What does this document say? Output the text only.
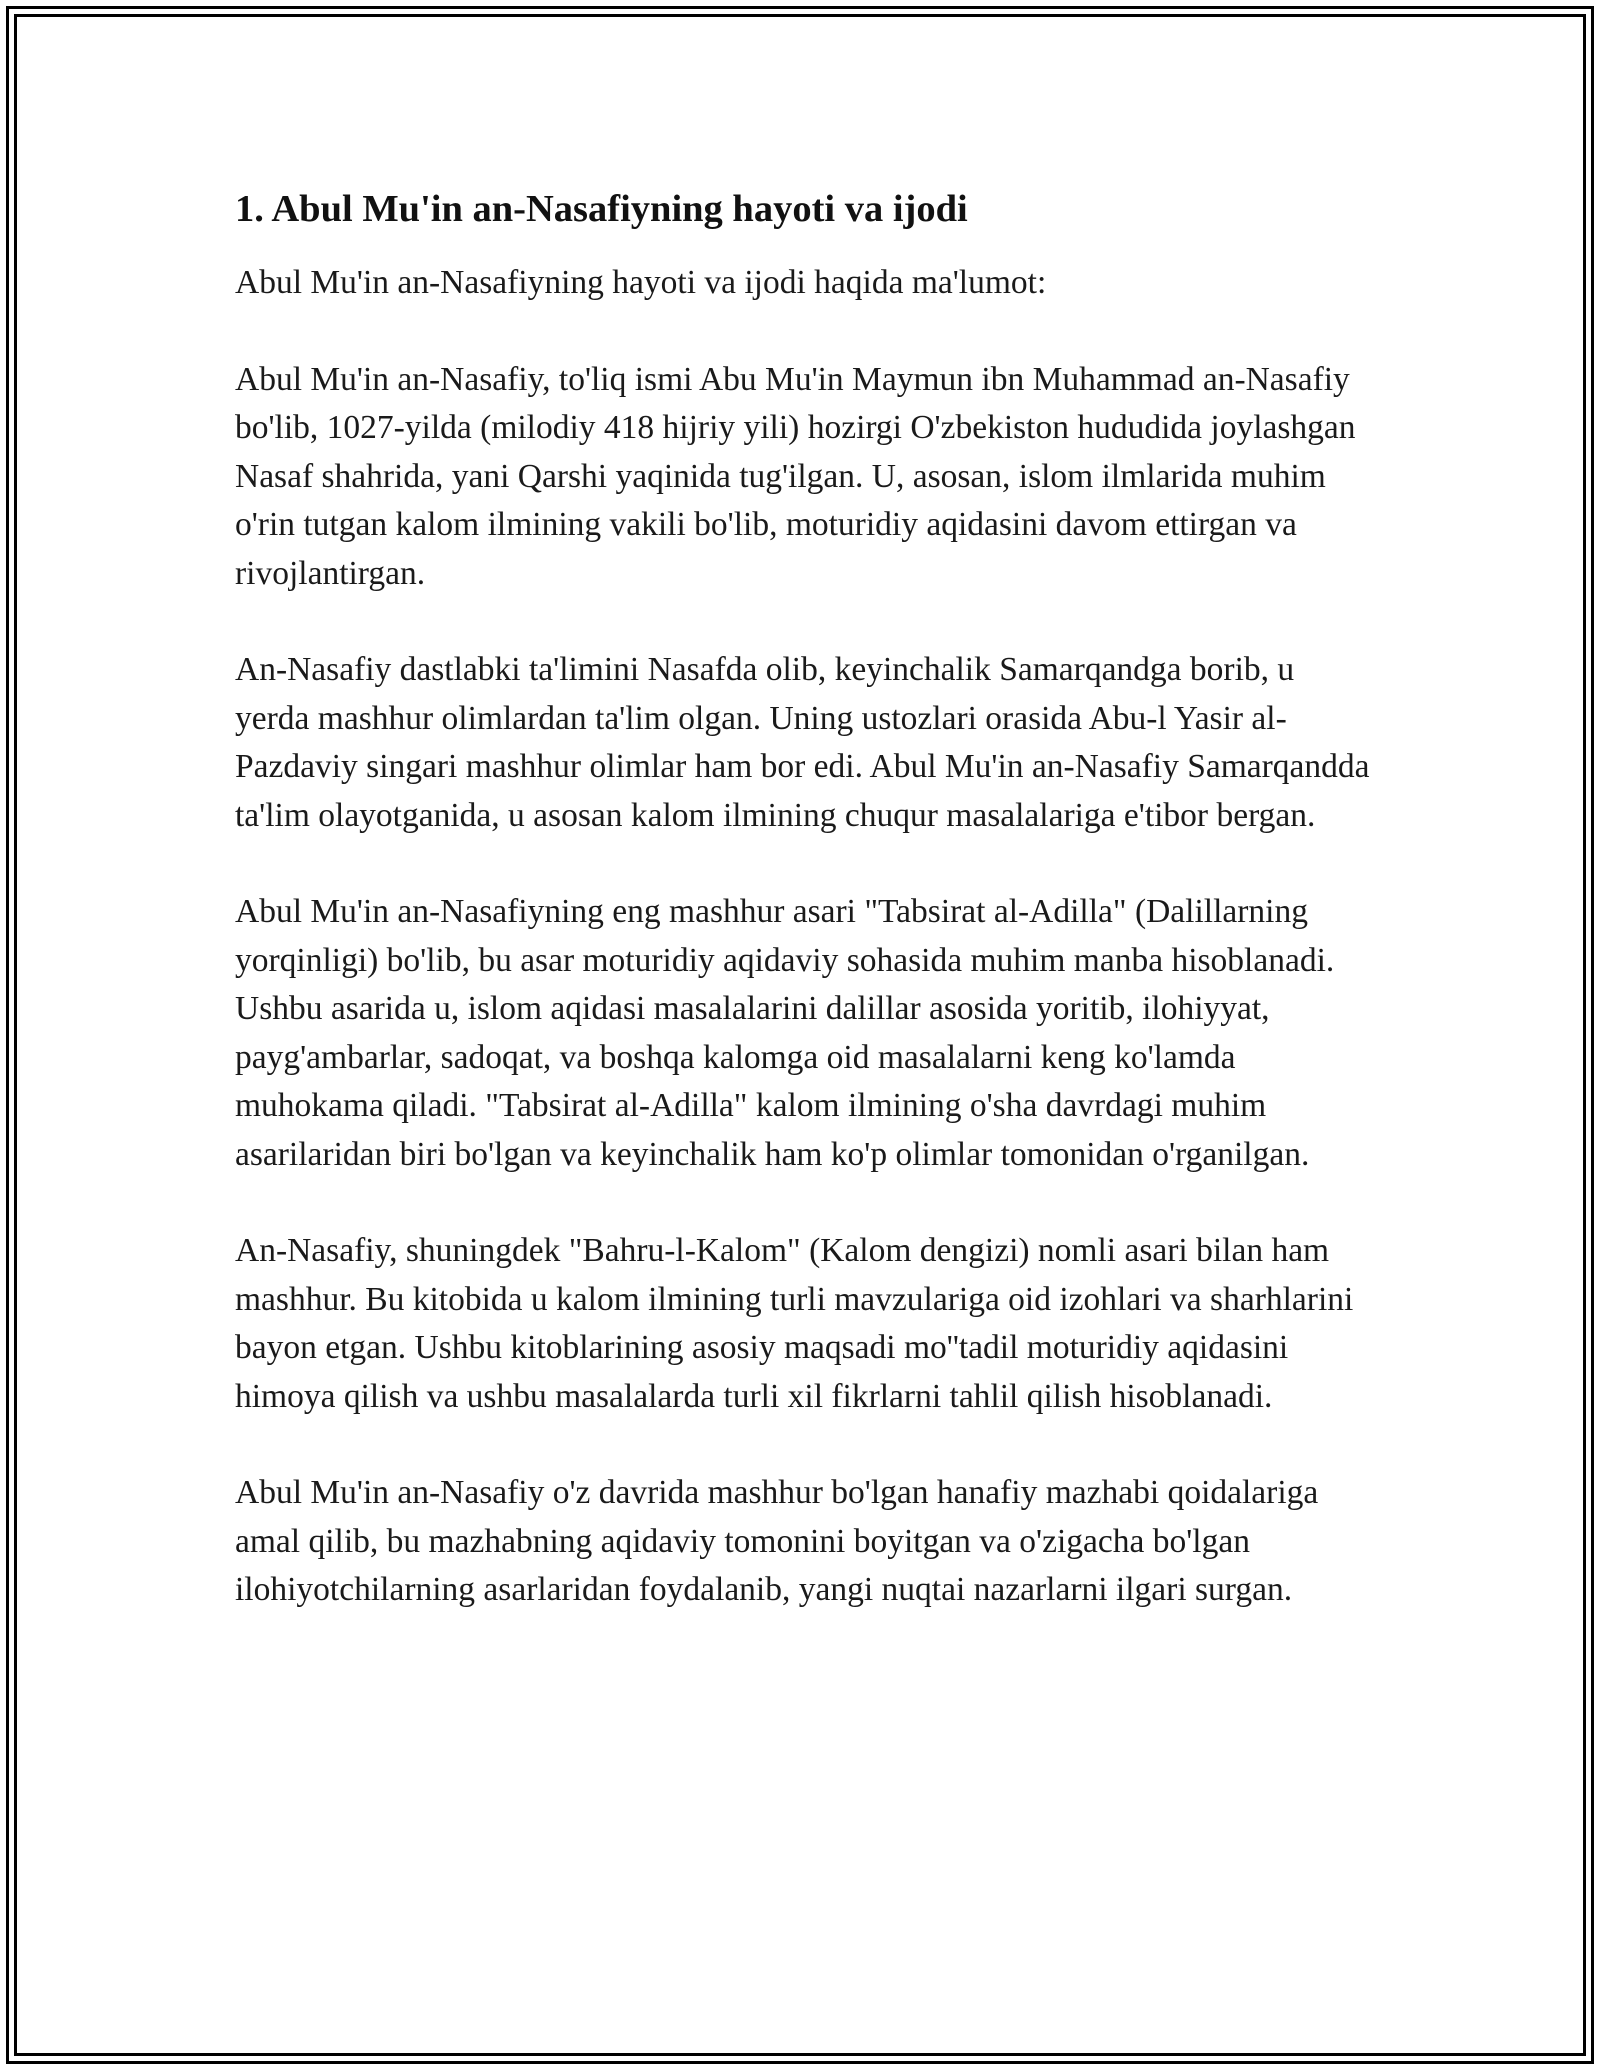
1. Abul Mu'in an-Nasafiyning hayoti va ijodi

Abul Mu'in an-Nasafiyning hayoti va ijodi haqida ma'lumot:

Abul Mu'in an-Nasafiy, to'liq ismi Abu Mu'in Maymun ibn Muhammad an-Nasafiy bo'lib, 1027-yilda (milodiy 418 hijriy yili) hozirgi O'zbekiston hududida joylashgan Nasaf shahrida, yani Qarshi yaqinida tug'ilgan. U, asosan, islom ilmlarida muhim o'rin tutgan kalom ilmining vakili bo'lib, moturidiy aqidasini davom ettirgan va rivojlantirgan.

An-Nasafiy dastlabki ta'limini Nasafda olib, keyinchalik Samarqandga borib, u yerda mashhur olimlardan ta'lim olgan. Uning ustozlari orasida Abu-l Yasir al-Pazdaviy singari mashhur olimlar ham bor edi. Abul Mu'in an-Nasafiy Samarqandda ta'lim olayotganida, u asosan kalom ilmining chuqur masalalariga e'tibor bergan.

Abul Mu'in an-Nasafiyning eng mashhur asari "Tabsirat al-Adilla" (Dalillarning yorqinligi) bo'lib, bu asar moturidiy aqidaviy sohasida muhim manba hisoblanadi. Ushbu asarida u, islom aqidasi masalalarini dalillar asosida yoritib, ilohiyyat, payg'ambarlar, sadoqat, va boshqa kalomga oid masalalarni keng ko'lamda muhokama qiladi. "Tabsirat al-Adilla" kalom ilmining o'sha davrdagi muhim asarilaridan biri bo'lgan va keyinchalik ham ko'p olimlar tomonidan o'rganilgan.

An-Nasafiy, shuningdek "Bahru-l-Kalom" (Kalom dengizi) nomli asari bilan ham mashhur. Bu kitobida u kalom ilmining turli mavzulariga oid izohlari va sharhlarini bayon etgan. Ushbu kitoblarining asosiy maqsadi mo''tadil moturidiy aqidasini himoya qilish va ushbu masalalarda turli xil fikrlarni tahlil qilish hisoblanadi.

Abul Mu'in an-Nasafiy o'z davrida mashhur bo'lgan hanafiy mazhabi qoidalariga amal qilib, bu mazhabning aqidaviy tomonini boyitgan va o'zigacha bo'lgan ilohiyotchilarning asarlaridan foydalanib, yangi nuqtai nazarlarni ilgari surgan.
